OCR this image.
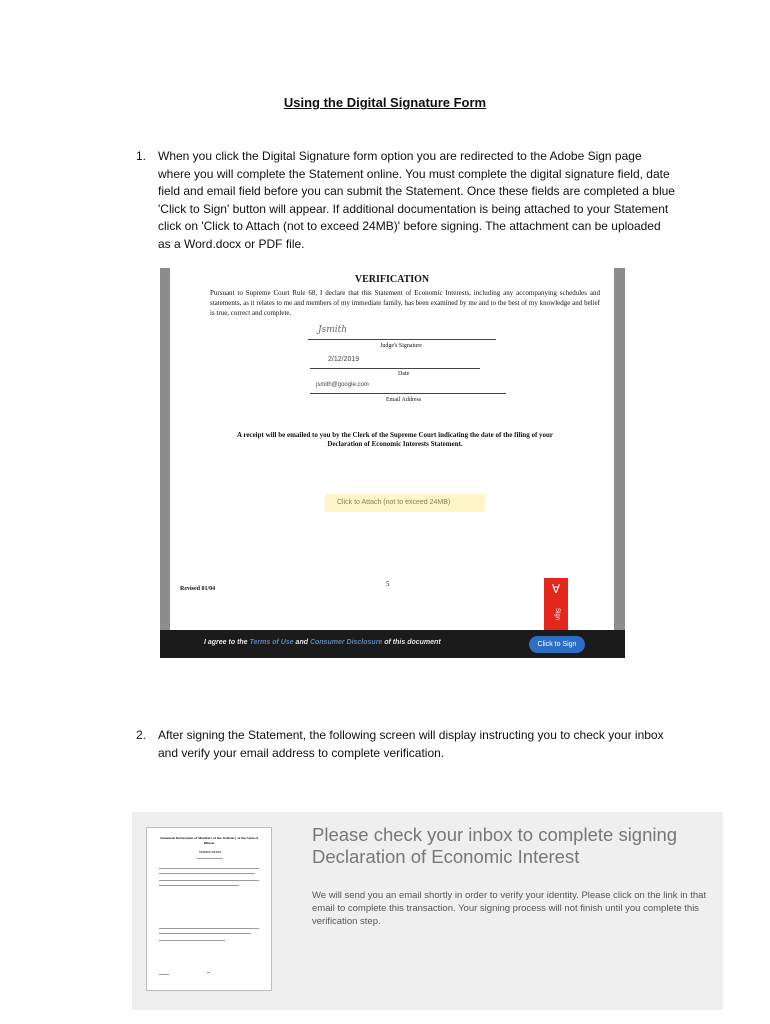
Using the Digital Signature Form
1. When you click the Digital Signature form option you are redirected to the Adobe Sign page where you will complete the Statement online. You must complete the digital signature field, date field and email field before you can submit the Statement. Once these fields are completed a blue 'Click to Sign' button will appear. If additional documentation is being attached to your Statement click on 'Click to Attach (not to exceed 24MB)' before signing. The attachment can be uploaded as a Word.docx or PDF file.
VERIFICATION
Pursuant to Supreme Court Rule 68, I declare that this Statement of Economic Interests, including any accompanying schedules and statements, as it relates to me and members of my immediate family, has been examined by me and to the best of my knowledge and belief is true, correct and complete.
Jsmith
Judge's Signature
2/12/2019
Date
jsmith@google.com
Email Address
A receipt will be emailed to you by the Clerk of the Supreme Court indicating the date of the filing of your Declaration of Economic Interests Statement.
Click to Attach (not to exceed 24MB)
5
Revised 01/04	∀
Sign
I agree to the Terms of Use and Consumer Disclosure of this document	Click to Sign
2. After signing the Statement, the following screen will display instructing you to check your inbox and verify your email address to complete verification.
Statement Declaration of Members of the Judiciary of the State of Illinois
VERIFICATION
Please check your inbox to complete signing Declaration of Economic Interest
We will send you an email shortly in order to verify your identity. Please click on the link in that email to complete this transaction. Your signing process will not finish until you complete this verification step.
